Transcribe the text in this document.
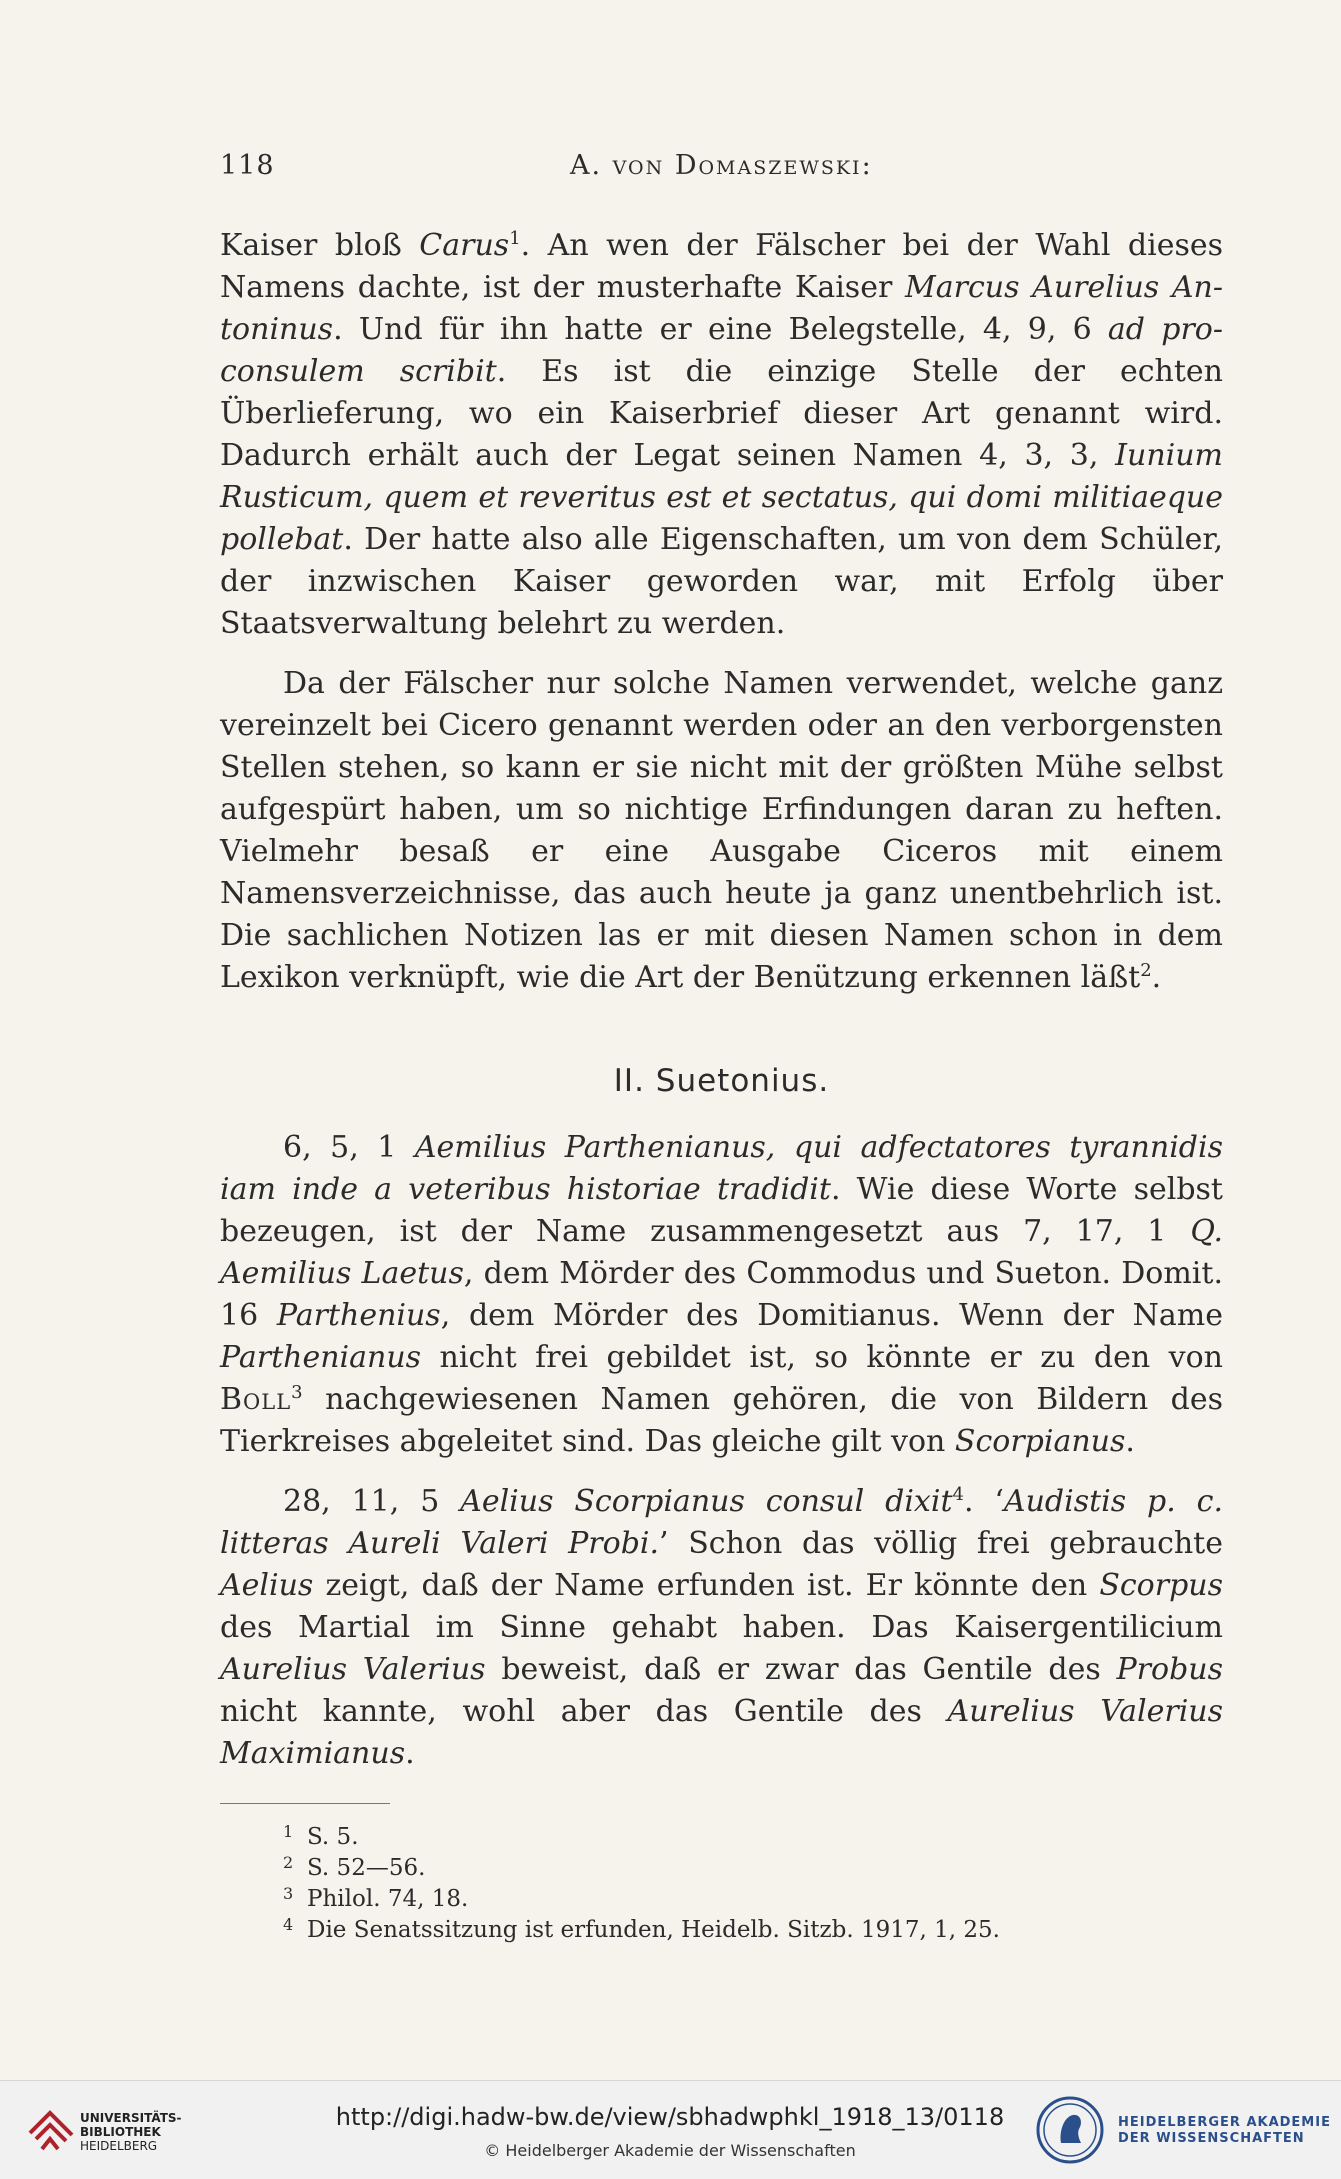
118	A. von Domaszewski:

Kaiser bloß Carus$^1$. An wen der Fälscher bei der Wahl dieses Namens dachte, ist der musterhafte Kaiser Marcus Aurelius Antoninus. Und für ihn hatte er eine Belegstelle, 4, 9, 6 ad proconsulem scribit. Es ist die einzige Stelle der echten Überlieferung, wo ein Kaiserbrief dieser Art genannt wird. Dadurch erhält auch der Legat seinen Namen 4, 3, 3, Iunium Rusticum, quem et reveritus est et sectatus, qui domi militiaeque pollebat. Der hatte also alle Eigenschaften, um von dem Schüler, der inzwischen Kaiser geworden war, mit Erfolg über Staatsverwaltung belehrt zu werden.

Da der Fälscher nur solche Namen verwendet, welche ganz vereinzelt bei Cicero genannt werden oder an den verborgensten Stellen stehen, so kann er sie nicht mit der größten Mühe selbst aufgespürt haben, um so nichtige Erfindungen daran zu heften. Vielmehr besaß er eine Ausgabe Ciceros mit einem Namensverzeichnisse, das auch heute ja ganz unentbehrlich ist. Die sachlichen Notizen las er mit diesen Namen schon in dem Lexikon verknüpft, wie die Art der Benützung erkennen läßt$^2$.

II. Suetonius.

6, 5, 1 Aemilius Parthenianus, qui adfectatores tyrannidis iam inde a veteribus historiae tradidit. Wie diese Worte selbst bezeugen, ist der Name zusammengesetzt aus 7, 17, 1 Q. Aemilius Laetus, dem Mörder des Commodus und Sueton. Domit. 16 Parthenius, dem Mörder des Domitianus. Wenn der Name Parthenianus nicht frei gebildet ist, so könnte er zu den von Boll$^3$ nachgewiesenen Namen gehören, die von Bildern des Tierkreises abgeleitet sind. Das gleiche gilt von Scorpianus.

28, 11, 5 Aelius Scorpianus consul dixit$^4$. ‘Audistis p. c. litteras Aureli Valeri Probi.’ Schon das völlig frei gebrauchte Aelius zeigt, daß der Name erfunden ist. Er könnte den Scorpus des Martial im Sinne gehabt haben. Das Kaisergentilicium Aurelius Valerius beweist, daß er zwar das Gentile des Probus nicht kannte, wohl aber das Gentile des Aurelius Valerius Maximianus.

1 S. 5.

2 S. 52—56.

3 Philol. 74, 18.

4 Die Senatssitzung ist erfunden, Heidelb. Sitzb. 1917, 1, 25.

UNIVERSITÄTS-
BIBLIOTHEK
HEIDELBERG
http://digi.hadw-bw.de/view/sbhadwphkl_1918_13/0118
© Heidelberger Akademie der Wissenschaften
HEIDELBERGER AKADEMIE
DER WISSENSCHAFTEN
